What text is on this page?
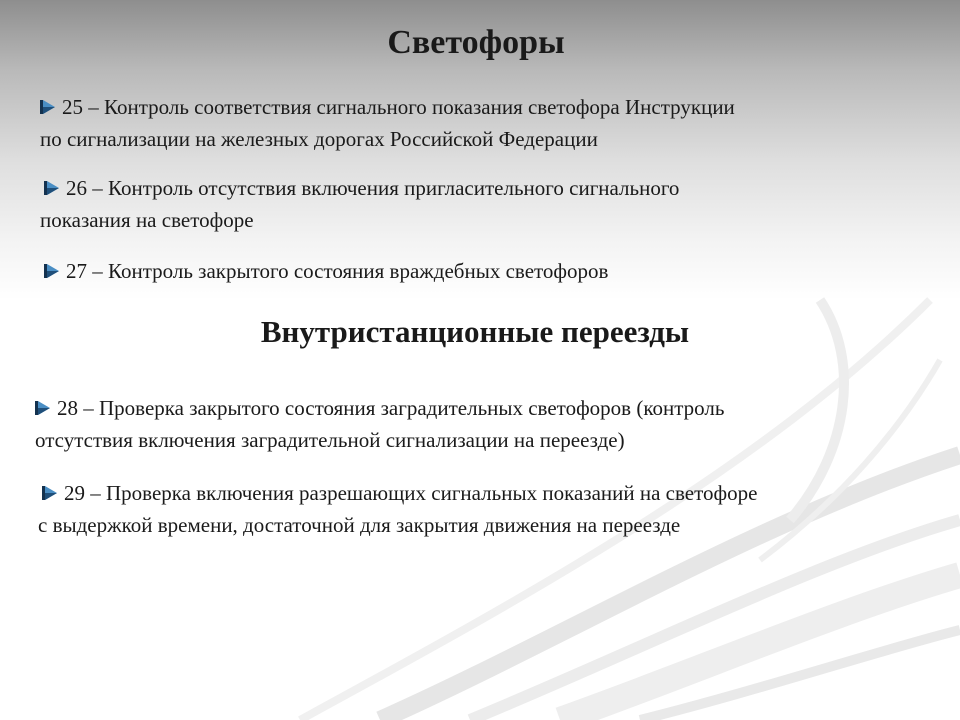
Светофоры

25 – Контроль соответствия сигнального показания светофора Инструкции
по сигнализации на железных дорогах Российской Федерации

26 – Контроль отсутствия включения пригласительного сигнального
показания на светофоре

27 – Контроль закрытого состояния враждебных светофоров

Внутристанционные переезды

28 – Проверка закрытого состояния заградительных светофоров (контроль
отсутствия включения заградительной сигнализации на переезде)

29 – Проверка включения разрешающих сигнальных показаний на светофоре
с выдержкой времени, достаточной для закрытия движения на переезде
